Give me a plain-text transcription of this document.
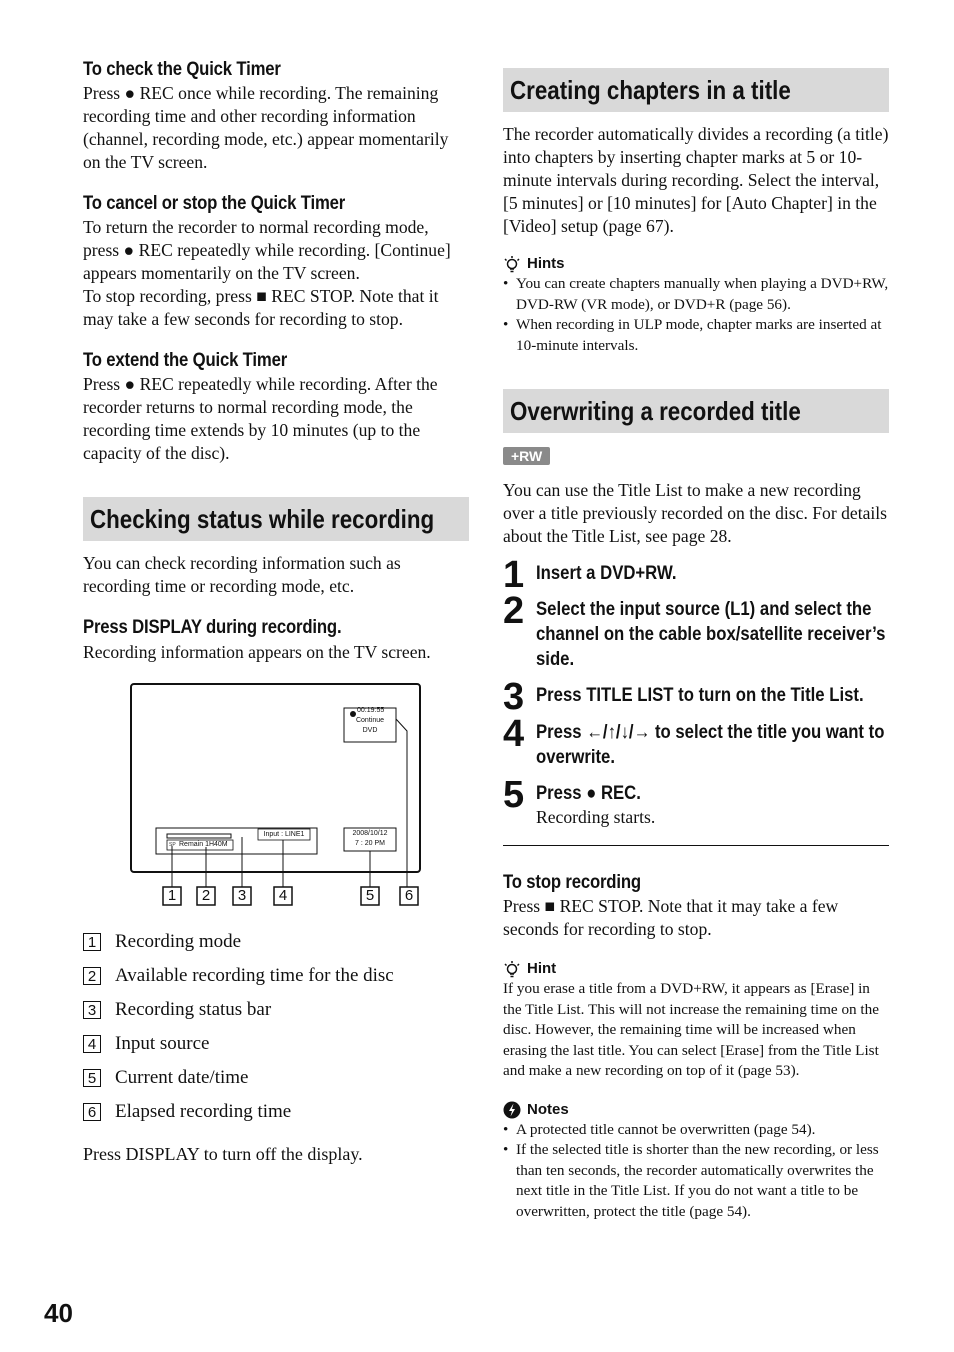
To check the Quick Timer

Press ● REC once while recording. The remaining recording time and other recording information (channel, recording mode, etc.) appear momentarily on the TV screen.

To cancel or stop the Quick Timer

To return the recorder to normal recording mode, press ● REC repeatedly while recording. [Continue] appears momentarily on the TV screen.

To stop recording, press ■ REC STOP. Note that it may take a few seconds for recording to stop.

To extend the Quick Timer

Press ● REC repeatedly while recording. After the recorder returns to normal recording mode, the recording time extends by 10 minutes (up to the capacity of the disc).

Checking status while recording

You can check recording information such as recording time or recording mode, etc.

Press DISPLAY during recording.

Recording information appears on the TV screen.

00:19:55
Continue
DVD
SP Remain 1H40M
Input : LINE1	2008/10/12
7 : 20 PM
1	2	3	4	5	6
1 Recording mode
2 Available recording time for the disc
3 Recording status bar
4 Input source
5 Current date/time
6 Elapsed recording time

Press DISPLAY to turn off the display.

Creating chapters in a title

The recorder automatically divides a recording (a title) into chapters by inserting chapter marks at 5 or 10-minute intervals during recording. Select the interval, [5 minutes] or [10 minutes] for [Auto Chapter] in the [Video] setup (page 67).

Hints

• You can create chapters manually when playing a DVD+RW, DVD-RW (VR mode), or DVD+R (page 56).
• When recording in ULP mode, chapter marks are inserted at 10-minute intervals.
Overwriting a recorded title
+RW

You can use the Title List to make a new recording over a title previously recorded on the disc. For details about the Title List, see page 28.

1 Insert a DVD+RW.
2 Select the input source (L1) and select the channel on the cable box/satellite receiver’s side.
3 Press TITLE LIST to turn on the Title List.
4 Press ←/↑/↓/→ to select the title you want to overwrite.
5 Press ● REC.

Recording starts.

To stop recording

Press ■ REC STOP. Note that it may take a few seconds for recording to stop.

Hint

If you erase a title from a DVD+RW, it appears as [Erase] in the Title List. This will not increase the remaining time on the disc. However, the remaining time will be increased when erasing the last title. You can select [Erase] from the Title List and make a new recording on top of it (page 53).

Notes

• A protected title cannot be overwritten (page 54).
• If the selected title is shorter than the new recording, or less than ten seconds, the recorder automatically overwrites the next title in the Title List. If you do not want a title to be overwritten, protect the title (page 54).
40
